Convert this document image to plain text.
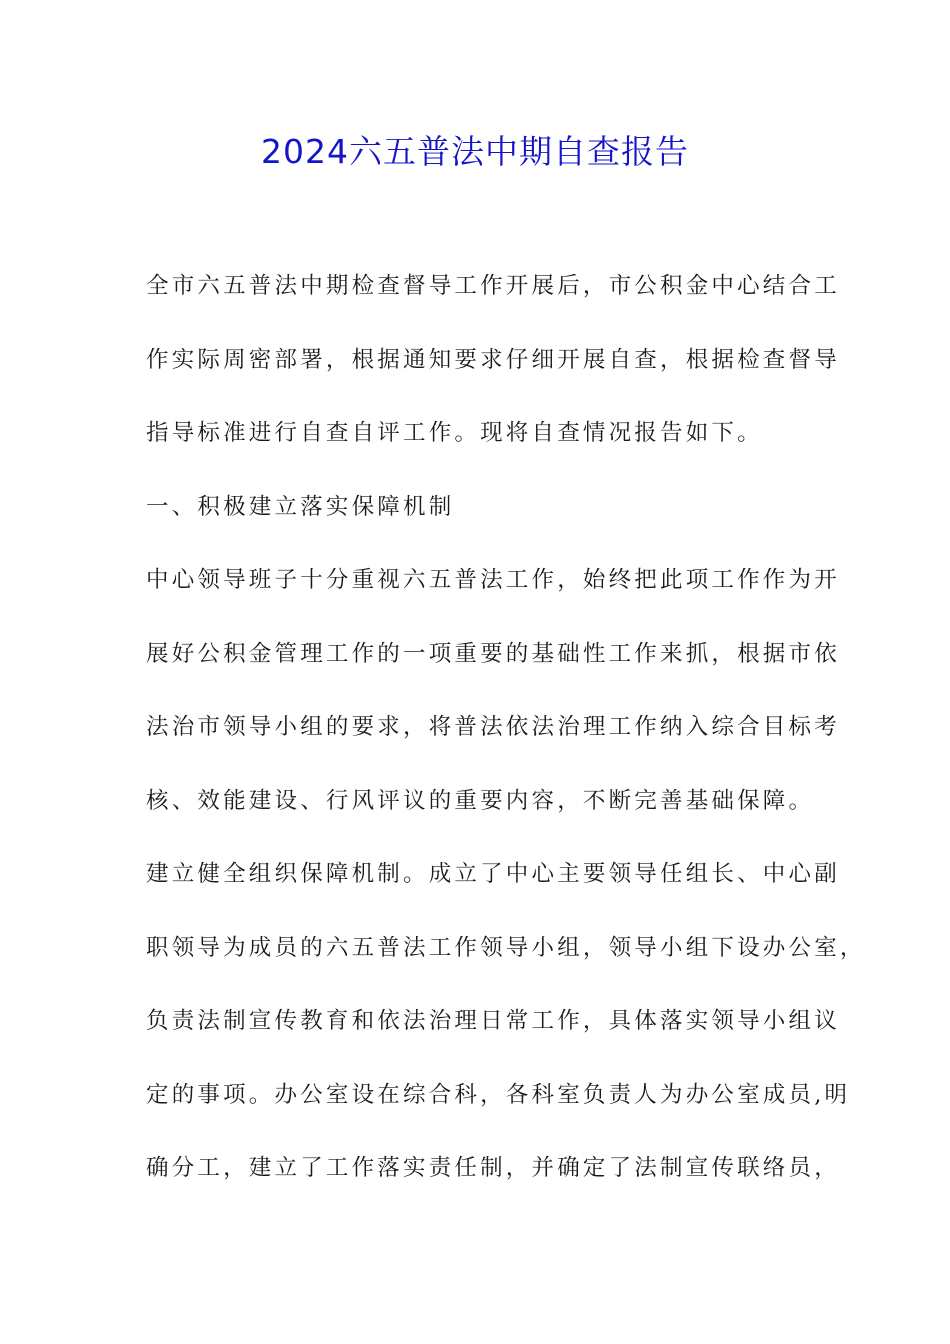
2024六五普法中期自查报告
全市六五普法中期检查督导工作开展后，市公积金中心结合工
作实际周密部署，根据通知要求仔细开展自查，根据检查督导
指导标准进行自查自评工作。现将自查情况报告如下。
一、积极建立落实保障机制
中心领导班子十分重视六五普法工作，始终把此项工作作为开
展好公积金管理工作的一项重要的基础性工作来抓，根据市依
法治市领导小组的要求，将普法依法治理工作纳入综合目标考
核、效能建设、行风评议的重要内容，不断完善基础保障。
建立健全组织保障机制。成立了中心主要领导任组长、中心副
职领导为成员的六五普法工作领导小组，领导小组下设办公室，
负责法制宣传教育和依法治理日常工作，具体落实领导小组议
定的事项。办公室设在综合科，各科室负责人为办公室成员,明
确分工，建立了工作落实责任制，并确定了法制宣传联络员，
